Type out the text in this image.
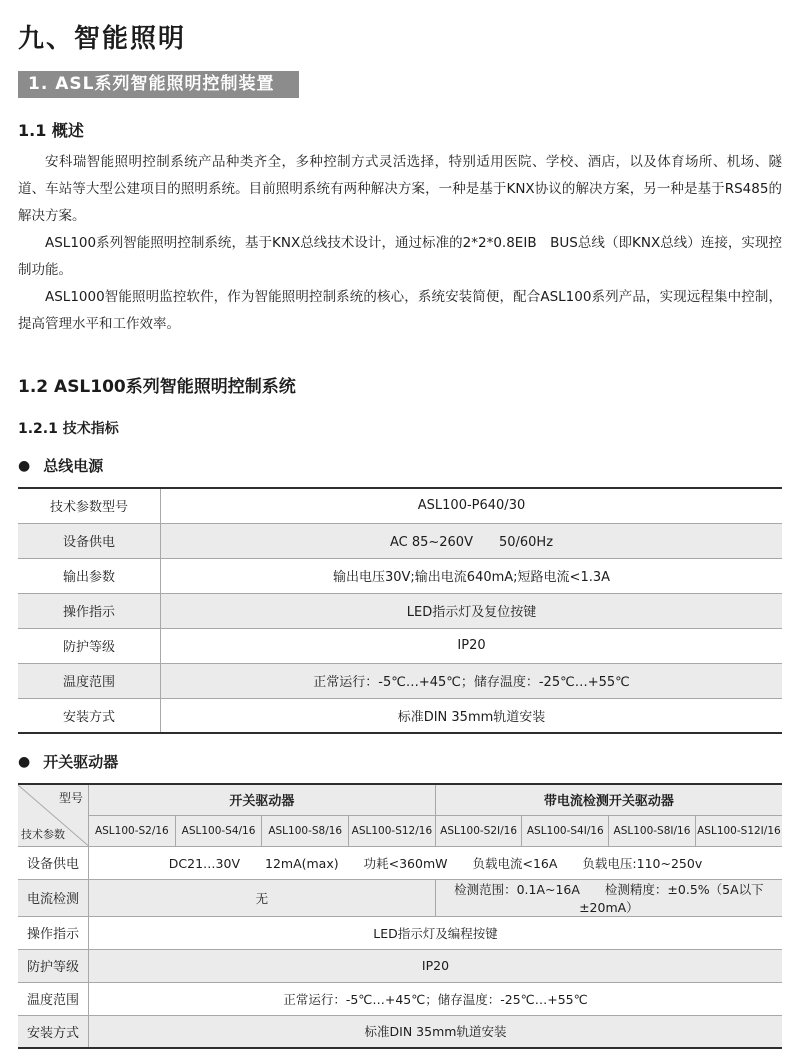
九、智能照明
1. ASL系列智能照明控制装置
1.1 概述

安科瑞智能照明控制系统产品种类齐全，多种控制方式灵活选择，特别适用医院、学校、酒店，以及体育场所、机场、隧道、车站等大型公建项目的照明系统。目前照明系统有两种解决方案，一种是基于KNX协议的解决方案，另一种是基于RS485的解决方案。

ASL100系列智能照明控制系统，基于KNX总线技术设计，通过标准的2*2*0.8EIB　BUS总线（即KNX总线）连接，实现控制功能。

ASL1000智能照明监控软件，作为智能照明控制系统的核心，系统安装简便，配合ASL100系列产品，实现远程集中控制，提高管理水平和工作效率。

1.2 ASL100系列智能照明控制系统
1.2.1 技术指标
● 总线电源
技术参数型号	ASL100-P640/30
设备供电	AC 85~260V　　50/60Hz
输出参数	输出电压30V;输出电流640mA;短路电流<1.3A
操作指示	LED指示灯及复位按键
防护等级	IP20
温度范围	正常运行：-5℃…+45℃；储存温度：-25℃…+55℃
安装方式	标准DIN 35mm轨道安装
● 开关驱动器
型号
技术参数	开关驱动器				带电流检测开关驱动器			
	ASL100-S2/16	ASL100-S4/16	ASL100-S8/16	ASL100-S12/16	ASL100-S2I/16	ASL100-S4I/16	ASL100-S8I/16	ASL100-S12I/16
设备供电	DC21…30V　　12mA(max)　　功耗<360mW　　负载电流<16A　　负载电压:110~250v							
电流检测	无				检测范围：0.1A~16A　　检测精度：±0.5%（5A以下±20mA）			
操作指示	LED指示灯及编程按键							
防护等级	IP20							
温度范围	正常运行：-5℃…+45℃；储存温度：-25℃…+55℃							
安装方式	标准DIN 35mm轨道安装							
